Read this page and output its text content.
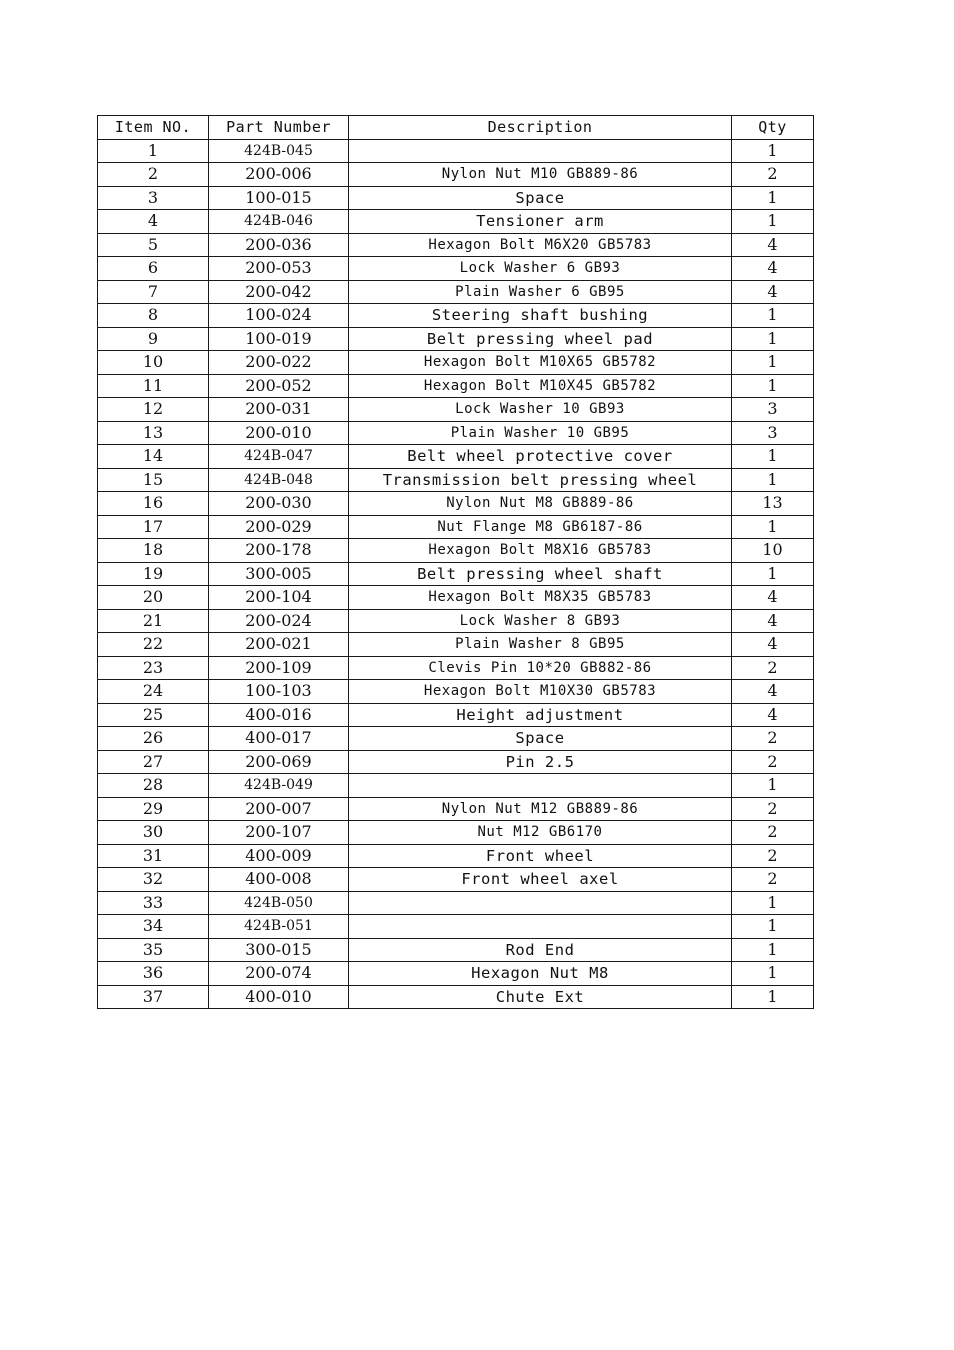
Item NO.	Part Number	Description	Qty
1	424B-045		1
2	200-006	Nylon Nut M10 GB889-86	2
3	100-015	Space	1
4	424B-046	Tensioner arm	1
5	200-036	Hexagon Bolt M6X20 GB5783	4
6	200-053	Lock Washer 6 GB93	4
7	200-042	Plain Washer 6 GB95	4
8	100-024	Steering shaft bushing	1
9	100-019	Belt pressing wheel pad	1
10	200-022	Hexagon Bolt M10X65 GB5782	1
11	200-052	Hexagon Bolt M10X45 GB5782	1
12	200-031	Lock Washer 10 GB93	3
13	200-010	Plain Washer 10 GB95	3
14	424B-047	Belt wheel protective cover	1
15	424B-048	Transmission belt pressing wheel	1
16	200-030	Nylon Nut M8 GB889-86	13
17	200-029	Nut Flange M8 GB6187-86	1
18	200-178	Hexagon Bolt M8X16 GB5783	10
19	300-005	Belt pressing wheel shaft	1
20	200-104	Hexagon Bolt M8X35 GB5783	4
21	200-024	Lock Washer 8 GB93	4
22	200-021	Plain Washer 8 GB95	4
23	200-109	Clevis Pin 10*20 GB882-86	2
24	100-103	Hexagon Bolt M10X30 GB5783	4
25	400-016	Height adjustment	4
26	400-017	Space	2
27	200-069	Pin 2.5	2
28	424B-049		1
29	200-007	Nylon Nut M12 GB889-86	2
30	200-107	Nut M12 GB6170	2
31	400-009	Front wheel	2
32	400-008	Front wheel axel	2
33	424B-050		1
34	424B-051		1
35	300-015	Rod End	1
36	200-074	Hexagon Nut M8	1
37	400-010	Chute Ext	1
